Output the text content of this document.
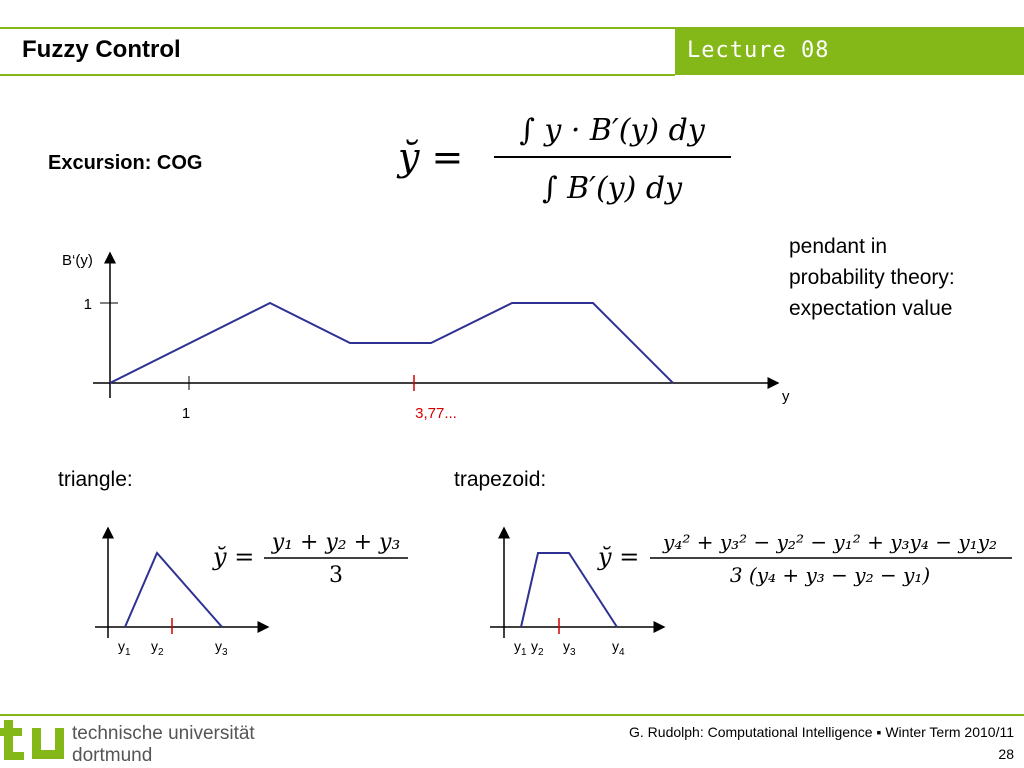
Fuzzy Control	Lecture 08
Excursion: COG
pendant in
probability theory:
expectation value
triangle:	trapezoid:
y̆ =
∫ y · B′(y) dy
∫ B′(y) dy
B‘(y)
y
1
1	3,77...
$y_1$ $y_2$	$y_3$
y̆ =
y₁ + y₂ + y₃
3
$y_1$ $y_2$ $y_3$	$y_4$
y̆ =
y₄² + y₃² − y₂² − y₁² + y₃y₄ − y₁y₂
3 (y₄ + y₃ − y₂ − y₁)
technische universität
dortmund
G. Rudolph: Computational Intelligence ▪ Winter Term 2010/11
28
